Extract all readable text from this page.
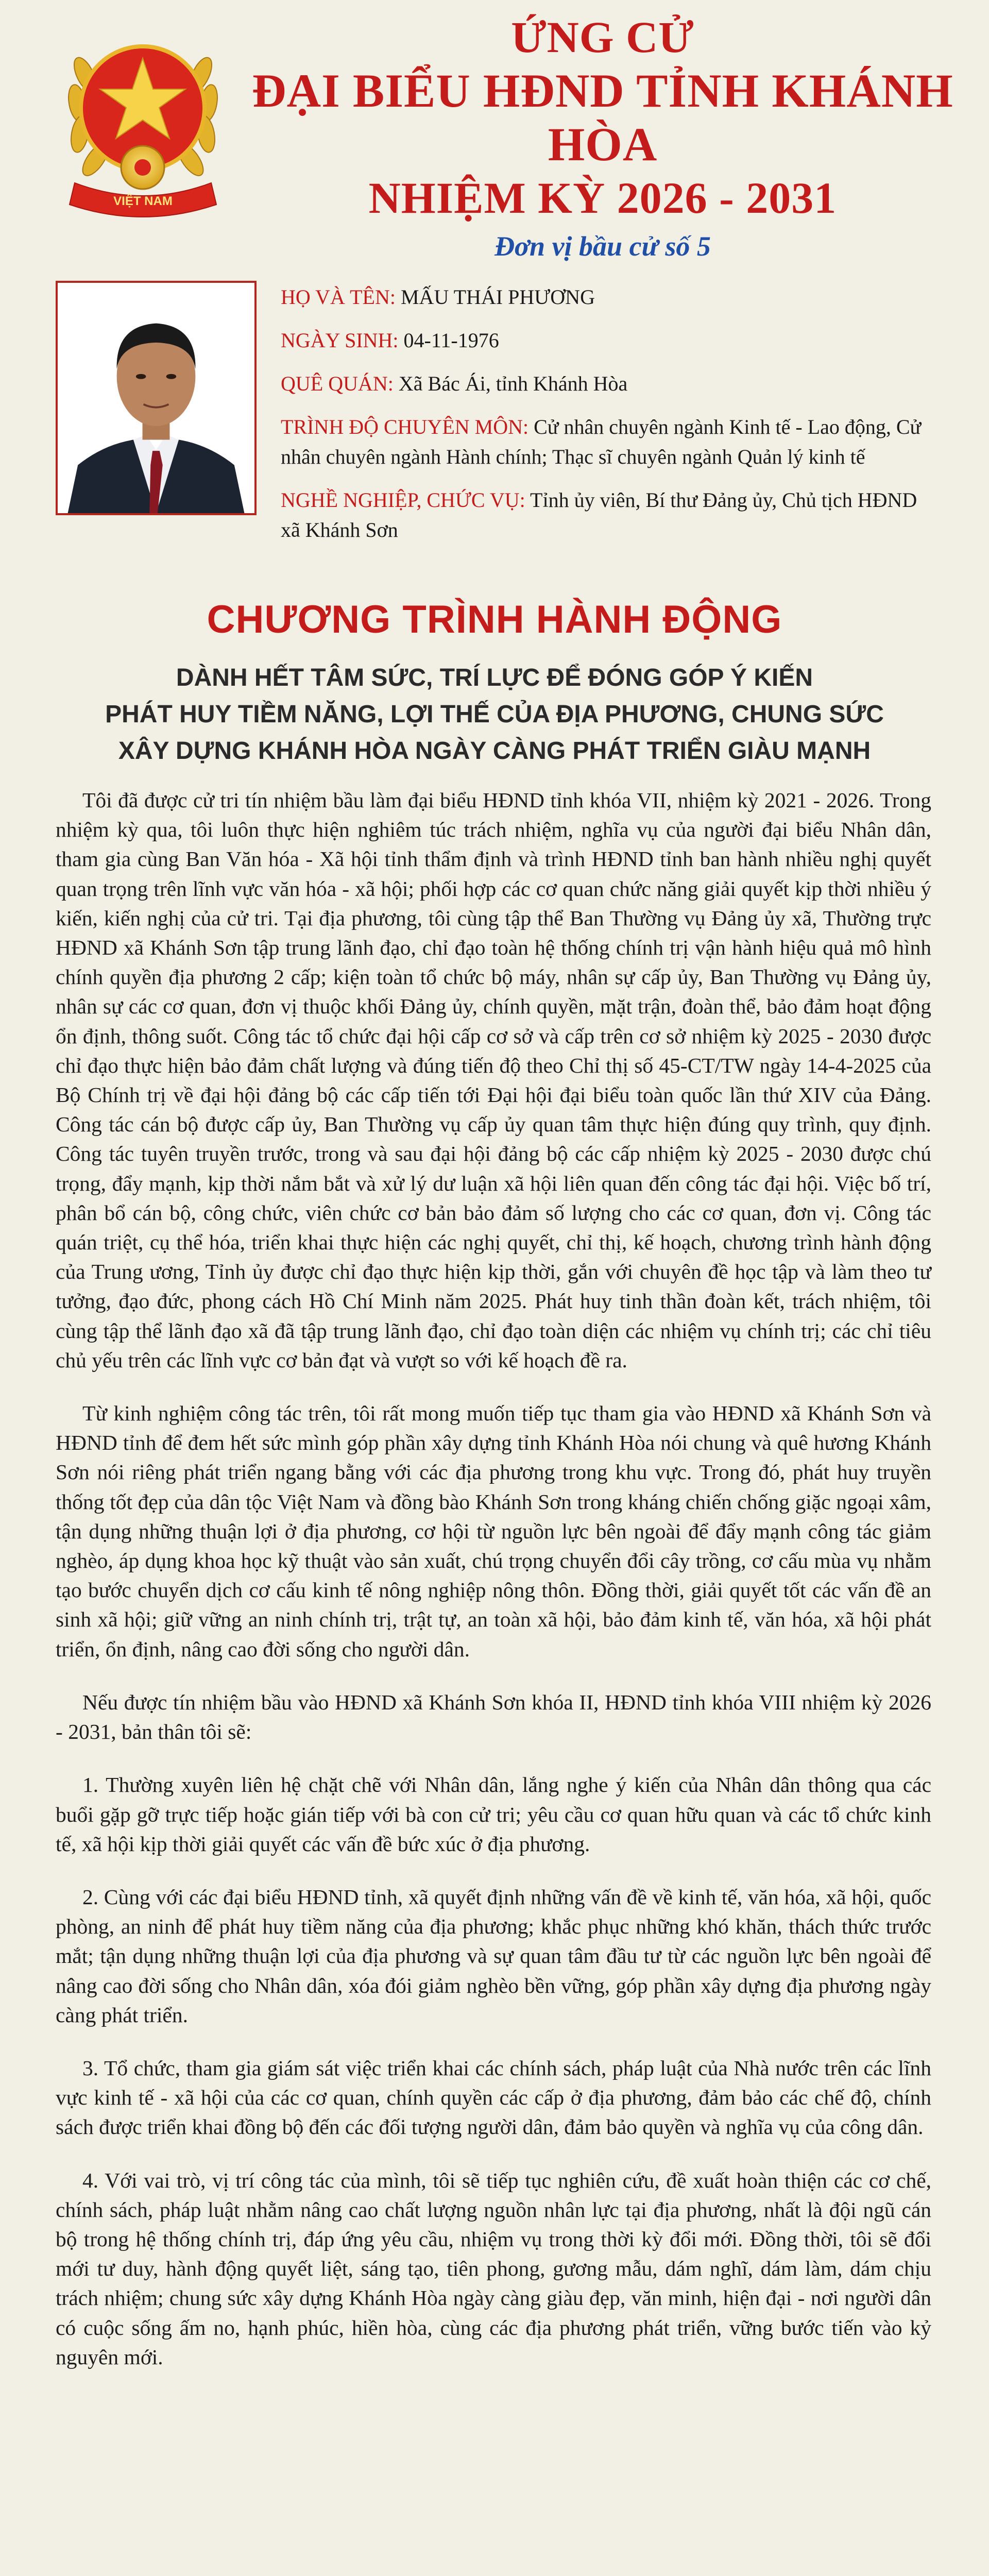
VIỆT NAM
ỨNG CỬ
ĐẠI BIỂU HĐND TỈNH KHÁNH HÒA
NHIỆM KỲ 2026 - 2031
Đơn vị bầu cử số 5
HỌ VÀ TÊN: MẤU THÁI PHƯƠNG
NGÀY SINH: 04-11-1976
QUÊ QUÁN: Xã Bác Ái, tỉnh Khánh Hòa
TRÌNH ĐỘ CHUYÊN MÔN: Cử nhân chuyên ngành Kinh tế - Lao động, Cử nhân chuyên ngành Hành chính; Thạc sĩ chuyên ngành Quản lý kinh tế
NGHỀ NGHIỆP, CHỨC VỤ: Tỉnh ủy viên, Bí thư Đảng ủy, Chủ tịch HĐND xã Khánh Sơn
CHƯƠNG TRÌNH HÀNH ĐỘNG
DÀNH HẾT TÂM SỨC, TRÍ LỰC ĐỂ ĐÓNG GÓP Ý KIẾN
PHÁT HUY TIỀM NĂNG, LỢI THẾ CỦA ĐỊA PHƯƠNG, CHUNG SỨC
XÂY DỰNG KHÁNH HÒA NGÀY CÀNG PHÁT TRIỂN GIÀU MẠNH

Tôi đã được cử tri tín nhiệm bầu làm đại biểu HĐND tỉnh khóa VII, nhiệm kỳ 2021 - 2026. Trong nhiệm kỳ qua, tôi luôn thực hiện nghiêm túc trách nhiệm, nghĩa vụ của người đại biểu Nhân dân, tham gia cùng Ban Văn hóa - Xã hội tỉnh thẩm định và trình HĐND tỉnh ban hành nhiều nghị quyết quan trọng trên lĩnh vực văn hóa - xã hội; phối hợp các cơ quan chức năng giải quyết kịp thời nhiều ý kiến, kiến nghị của cử tri. Tại địa phương, tôi cùng tập thể Ban Thường vụ Đảng ủy xã, Thường trực HĐND xã Khánh Sơn tập trung lãnh đạo, chỉ đạo toàn hệ thống chính trị vận hành hiệu quả mô hình chính quyền địa phương 2 cấp; kiện toàn tổ chức bộ máy, nhân sự cấp ủy, Ban Thường vụ Đảng ủy, nhân sự các cơ quan, đơn vị thuộc khối Đảng ủy, chính quyền, mặt trận, đoàn thể, bảo đảm hoạt động ổn định, thông suốt. Công tác tổ chức đại hội cấp cơ sở và cấp trên cơ sở nhiệm kỳ 2025 - 2030 được chỉ đạo thực hiện bảo đảm chất lượng và đúng tiến độ theo Chỉ thị số 45-CT/TW ngày 14-4-2025 của Bộ Chính trị về đại hội đảng bộ các cấp tiến tới Đại hội đại biểu toàn quốc lần thứ XIV của Đảng. Công tác cán bộ được cấp ủy, Ban Thường vụ cấp ủy quan tâm thực hiện đúng quy trình, quy định. Công tác tuyên truyền trước, trong và sau đại hội đảng bộ các cấp nhiệm kỳ 2025 - 2030 được chú trọng, đẩy mạnh, kịp thời nắm bắt và xử lý dư luận xã hội liên quan đến công tác đại hội. Việc bố trí, phân bổ cán bộ, công chức, viên chức cơ bản bảo đảm số lượng cho các cơ quan, đơn vị. Công tác quán triệt, cụ thể hóa, triển khai thực hiện các nghị quyết, chỉ thị, kế hoạch, chương trình hành động của Trung ương, Tỉnh ủy được chỉ đạo thực hiện kịp thời, gắn với chuyên đề học tập và làm theo tư tưởng, đạo đức, phong cách Hồ Chí Minh năm 2025. Phát huy tinh thần đoàn kết, trách nhiệm, tôi cùng tập thể lãnh đạo xã đã tập trung lãnh đạo, chỉ đạo toàn diện các nhiệm vụ chính trị; các chỉ tiêu chủ yếu trên các lĩnh vực cơ bản đạt và vượt so với kế hoạch đề ra.

Từ kinh nghiệm công tác trên, tôi rất mong muốn tiếp tục tham gia vào HĐND xã Khánh Sơn và HĐND tỉnh để đem hết sức mình góp phần xây dựng tỉnh Khánh Hòa nói chung và quê hương Khánh Sơn nói riêng phát triển ngang bằng với các địa phương trong khu vực. Trong đó, phát huy truyền thống tốt đẹp của dân tộc Việt Nam và đồng bào Khánh Sơn trong kháng chiến chống giặc ngoại xâm, tận dụng những thuận lợi ở địa phương, cơ hội từ nguồn lực bên ngoài để đẩy mạnh công tác giảm nghèo, áp dụng khoa học kỹ thuật vào sản xuất, chú trọng chuyển đổi cây trồng, cơ cấu mùa vụ nhằm tạo bước chuyển dịch cơ cấu kinh tế nông nghiệp nông thôn. Đồng thời, giải quyết tốt các vấn đề an sinh xã hội; giữ vững an ninh chính trị, trật tự, an toàn xã hội, bảo đảm kinh tế, văn hóa, xã hội phát triển, ổn định, nâng cao đời sống cho người dân.

Nếu được tín nhiệm bầu vào HĐND xã Khánh Sơn khóa II, HĐND tỉnh khóa VIII nhiệm kỳ 2026 - 2031, bản thân tôi sẽ:

1. Thường xuyên liên hệ chặt chẽ với Nhân dân, lắng nghe ý kiến của Nhân dân thông qua các buổi gặp gỡ trực tiếp hoặc gián tiếp với bà con cử tri; yêu cầu cơ quan hữu quan và các tổ chức kinh tế, xã hội kịp thời giải quyết các vấn đề bức xúc ở địa phương.

2. Cùng với các đại biểu HĐND tỉnh, xã quyết định những vấn đề về kinh tế, văn hóa, xã hội, quốc phòng, an ninh để phát huy tiềm năng của địa phương; khắc phục những khó khăn, thách thức trước mắt; tận dụng những thuận lợi của địa phương và sự quan tâm đầu tư từ các nguồn lực bên ngoài để nâng cao đời sống cho Nhân dân, xóa đói giảm nghèo bền vững, góp phần xây dựng địa phương ngày càng phát triển.

3. Tổ chức, tham gia giám sát việc triển khai các chính sách, pháp luật của Nhà nước trên các lĩnh vực kinh tế - xã hội của các cơ quan, chính quyền các cấp ở địa phương, đảm bảo các chế độ, chính sách được triển khai đồng bộ đến các đối tượng người dân, đảm bảo quyền và nghĩa vụ của công dân.

4. Với vai trò, vị trí công tác của mình, tôi sẽ tiếp tục nghiên cứu, đề xuất hoàn thiện các cơ chế, chính sách, pháp luật nhằm nâng cao chất lượng nguồn nhân lực tại địa phương, nhất là đội ngũ cán bộ trong hệ thống chính trị, đáp ứng yêu cầu, nhiệm vụ trong thời kỳ đổi mới. Đồng thời, tôi sẽ đổi mới tư duy, hành động quyết liệt, sáng tạo, tiên phong, gương mẫu, dám nghĩ, dám làm, dám chịu trách nhiệm; chung sức xây dựng Khánh Hòa ngày càng giàu đẹp, văn minh, hiện đại - nơi người dân có cuộc sống ấm no, hạnh phúc, hiền hòa, cùng các địa phương phát triển, vững bước tiến vào kỷ nguyên mới.
